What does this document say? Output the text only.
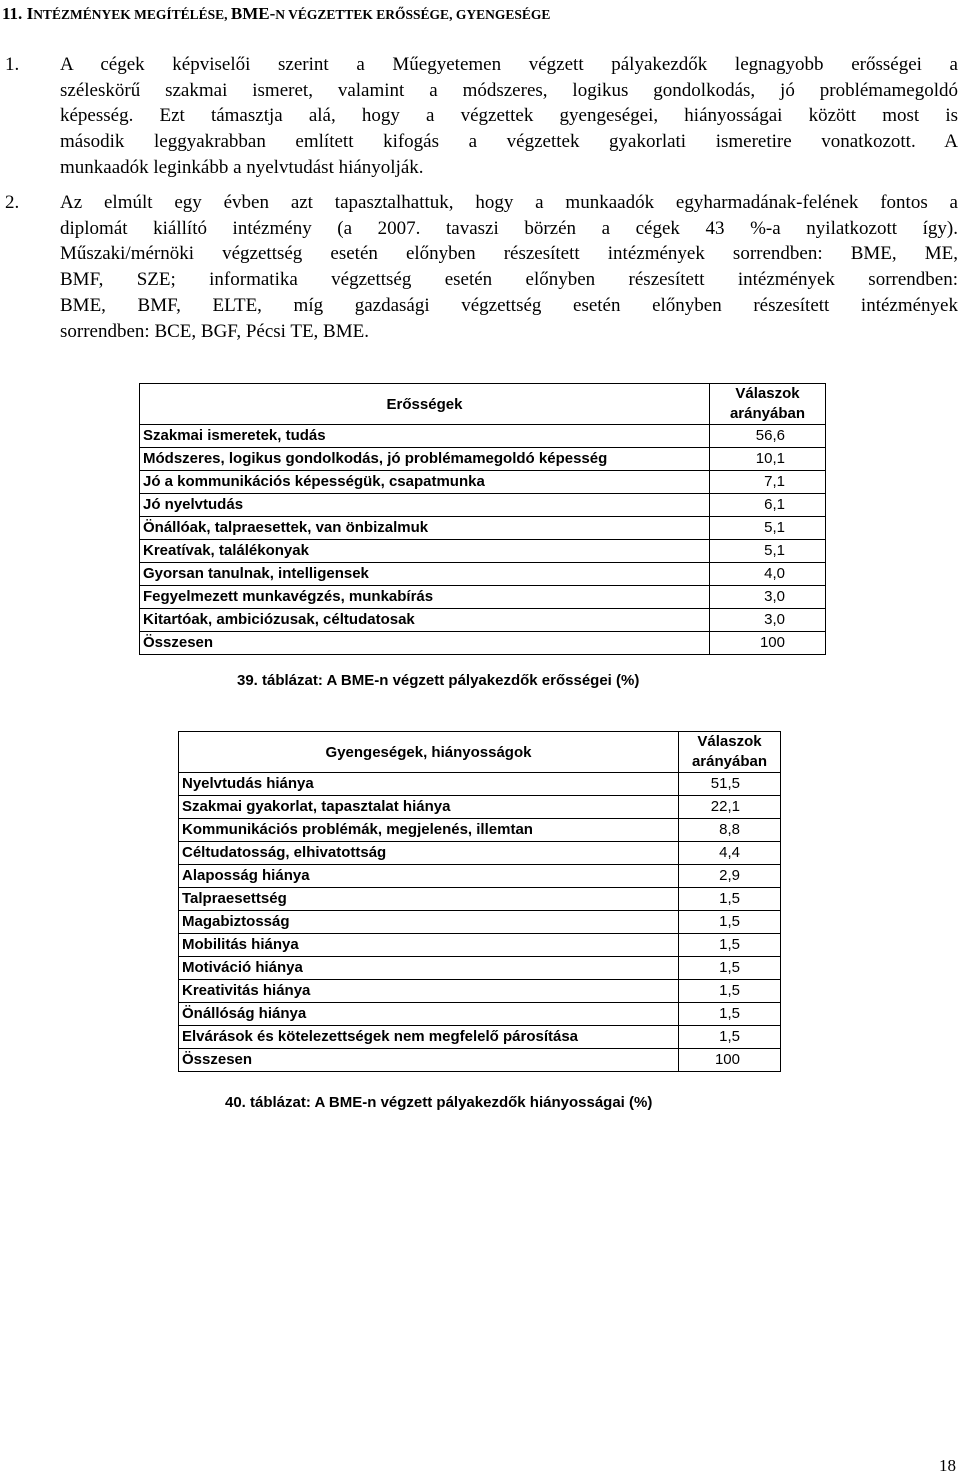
11. INTÉZMÉNYEK MEGÍTÉLÉSE, BME-N VÉGZETTEK ERŐSSÉGE, GYENGESÉGE
1. A cégek képviselői szerint a Műegyetemen végzett pályakezdők legnagyobb erősségei a
széleskörű szakmai ismeret, valamint a módszeres, logikus gondolkodás, jó problémamegoldó
képesség. Ezt támasztja alá, hogy a végzettek gyengeségei, hiányosságai között most is
második leggyakrabban említett kifogás a végzettek gyakorlati ismeretire vonatkozott. A
munkaadók leginkább a nyelvtudást hiányolják.
2. Az elmúlt egy évben azt tapasztalhattuk, hogy a munkaadók egyharmadának-felének fontos a
diplomát kiállító intézmény (a 2007. tavaszi börzén a cégek 43 %-a nyilatkozott így).
Műszaki/mérnöki végzettség esetén előnyben részesített intézmények sorrendben: BME, ME,
BMF, SZE; informatika végzettség esetén előnyben részesített intézmények sorrendben:
BME, BMF, ELTE, míg gazdasági végzettség esetén előnyben részesített intézmények
sorrendben: BCE, BGF, Pécsi TE, BME.
Erősségek	Válaszok
arányában
Szakmai ismeretek, tudás	56,6
Módszeres, logikus gondolkodás, jó problémamegoldó képesség	10,1
Jó a kommunikációs képességük, csapatmunka	7,1
Jó nyelvtudás	6,1
Önállóak, talpraesettek, van önbizalmuk	5,1
Kreatívak, találékonyak	5,1
Gyorsan tanulnak, intelligensek	4,0
Fegyelmezett munkavégzés, munkabírás	3,0
Kitartóak, ambiciózusak, céltudatosak	3,0
Összesen	100
39. táblázat: A BME-n végzett pályakezdők erősségei (%)
Gyengeségek, hiányosságok	Válaszok
arányában
Nyelvtudás hiánya	51,5
Szakmai gyakorlat, tapasztalat hiánya	22,1
Kommunikációs problémák, megjelenés, illemtan	8,8
Céltudatosság, elhivatottság	4,4
Alaposság hiánya	2,9
Talpraesettség	1,5
Magabiztosság	1,5
Mobilitás hiánya	1,5
Motiváció hiánya	1,5
Kreativitás hiánya	1,5
Önállóság hiánya	1,5
Elvárások és kötelezettségek nem megfelelő párosítása	1,5
Összesen	100
40. táblázat: A BME-n végzett pályakezdők hiányosságai (%)
18
